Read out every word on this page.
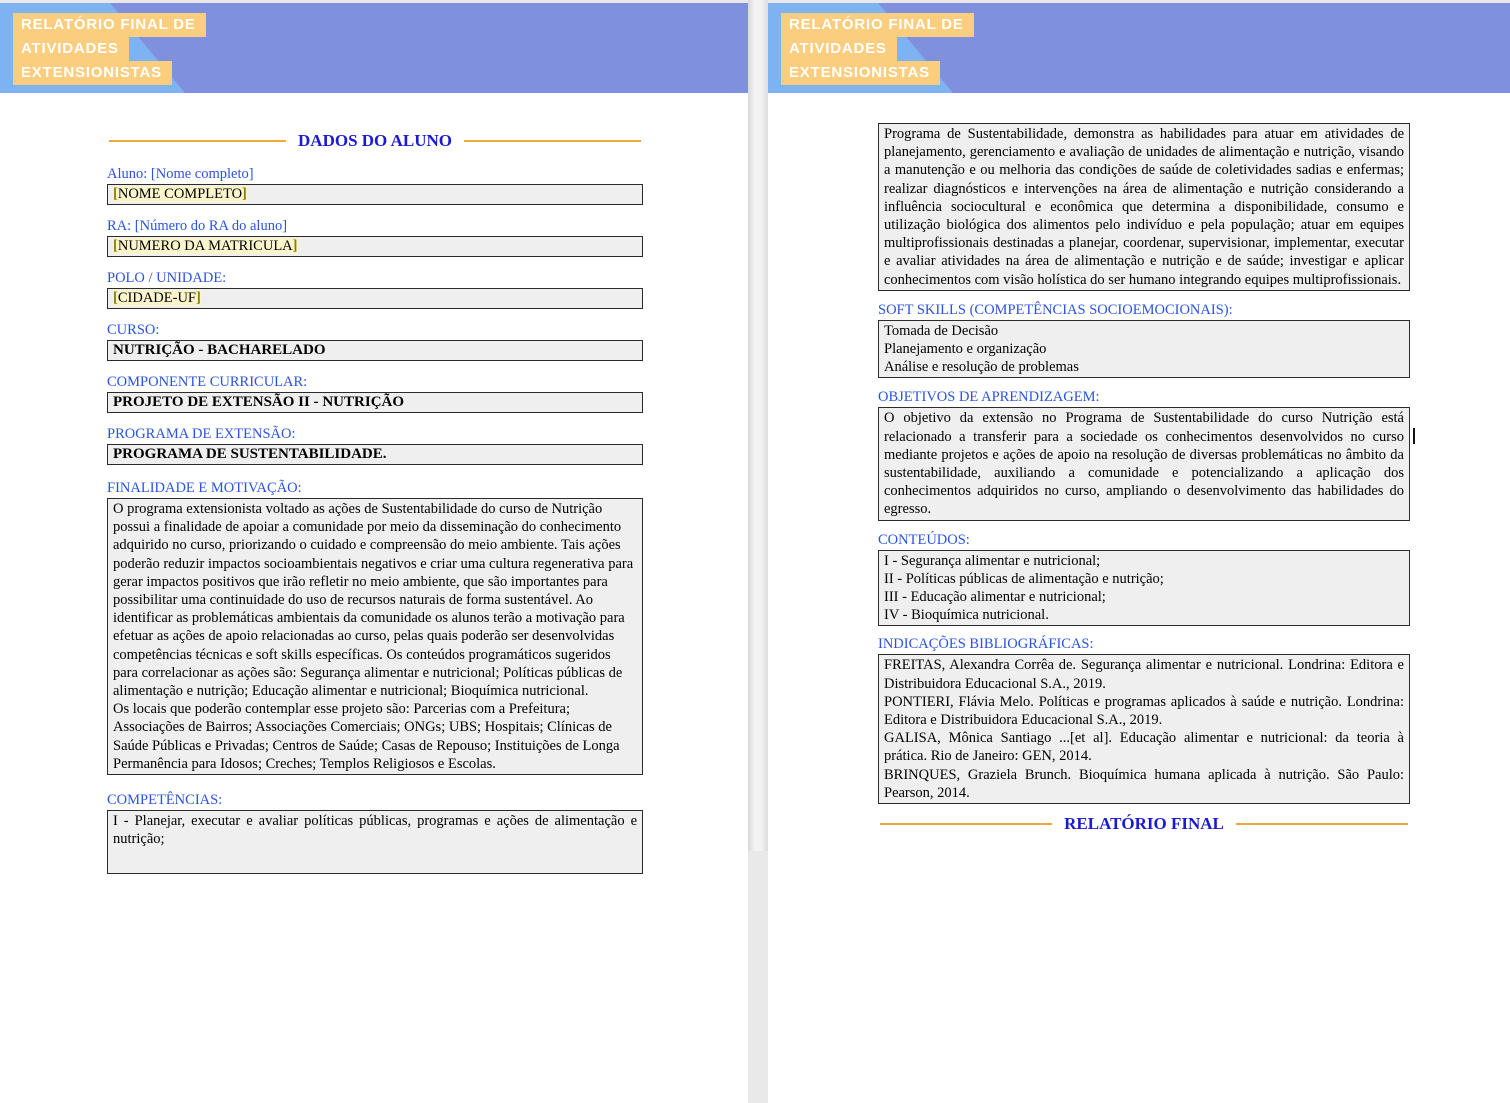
RELATÓRIO FINAL DE
ATIVIDADES
EXTENSIONISTAS
DADOS DO ALUNO
Aluno: [Nome completo]
[ NOME COMPLETO ]
RA: [Número do RA do aluno]
[ NUMERO DA MATRICULA ]
POLO / UNIDADE:
[ CIDADE-UF ]
CURSO:
NUTRIÇÃO - BACHARELADO
COMPONENTE CURRICULAR:
PROJETO DE EXTENSÃO II - NUTRIÇÃO
PROGRAMA DE EXTENSÃO:
PROGRAMA DE SUSTENTABILIDADE.
FINALIDADE E MOTIVAÇÃO:

O programa extensionista voltado as ações de Sustentabilidade do curso de Nutrição possui a finalidade de apoiar a comunidade por meio da disseminação do conhecimento adquirido no curso, priorizando o cuidado e compreensão do meio ambiente. Tais ações poderão reduzir impactos socioambientais negativos e criar uma cultura regenerativa para gerar impactos positivos que irão refletir no meio ambiente, que são importantes para possibilitar uma continuidade do uso de recursos naturais de forma sustentável. Ao identificar as problemáticas ambientais da comunidade os alunos terão a motivação para efetuar as ações de apoio relacionadas ao curso, pelas quais poderão ser desenvolvidas competências técnicas e soft skills específicas. Os conteúdos programáticos sugeridos para correlacionar as ações são: Segurança alimentar e nutricional; Políticas públicas de alimentação e nutrição; Educação alimentar e nutricional; Bioquímica nutricional.

Os locais que poderão contemplar esse projeto são: Parcerias com a Prefeitura; Associações de Bairros; Associações Comerciais; ONGs; UBS; Hospitais; Clínicas de Saúde Públicas e Privadas; Centros de Saúde; Casas de Repouso; Instituições de Longa Permanência para Idosos; Creches; Templos Religiosos e Escolas.

COMPETÊNCIAS:
I - Planejar, executar e avaliar políticas públicas, programas e ações de alimentação e nutrição;
RELATÓRIO FINAL DE
ATIVIDADES
EXTENSIONISTAS
Programa de Sustentabilidade, demonstra as habilidades para atuar em atividades de planejamento, gerenciamento e avaliação de unidades de alimentação e nutrição, visando a manutenção e ou melhoria das condições de saúde de coletividades sadias e enfermas; realizar diagnósticos e intervenções na área de alimentação e nutrição considerando a influência sociocultural e econômica que determina a disponibilidade, consumo e utilização biológica dos alimentos pelo indivíduo e pela população; atuar em equipes multiprofissionais destinadas a planejar, coordenar, supervisionar, implementar, executar e avaliar atividades na área de alimentação e nutrição e de saúde; investigar e aplicar conhecimentos com visão holística do ser humano integrando equipes multiprofissionais.
SOFT SKILLS (COMPETÊNCIAS SOCIOEMOCIONAIS):

Tomada de Decisão

Planejamento e organização

Análise e resolução de problemas

OBJETIVOS DE APRENDIZAGEM:
O objetivo da extensão no Programa de Sustentabilidade do curso Nutrição está relacionado a transferir para a sociedade os conhecimentos desenvolvidos no curso mediante projetos e ações de apoio na resolução de diversas problemáticas no âmbito da sustentabilidade, auxiliando a comunidade e potencializando a aplicação dos conhecimentos adquiridos no curso, ampliando o desenvolvimento das habilidades do egresso.
CONTEÚDOS:

I - Segurança alimentar e nutricional;

II - Políticas públicas de alimentação e nutrição;

III - Educação alimentar e nutricional;

IV - Bioquímica nutricional.

INDICAÇÕES BIBLIOGRÁFICAS:

FREITAS, Alexandra Corrêa de. Segurança alimentar e nutricional. Londrina: Editora e Distribuidora Educacional S.A., 2019.

PONTIERI, Flávia Melo. Políticas e programas aplicados à saúde e nutrição. Londrina: Editora e Distribuidora Educacional S.A., 2019.

GALISA, Mônica Santiago ...[et al]. Educação alimentar e nutricional: da teoria à prática. Rio de Janeiro: GEN, 2014.

BRINQUES, Graziela Brunch. Bioquímica humana aplicada à nutrição. São Paulo: Pearson, 2014.

RELATÓRIO FINAL
